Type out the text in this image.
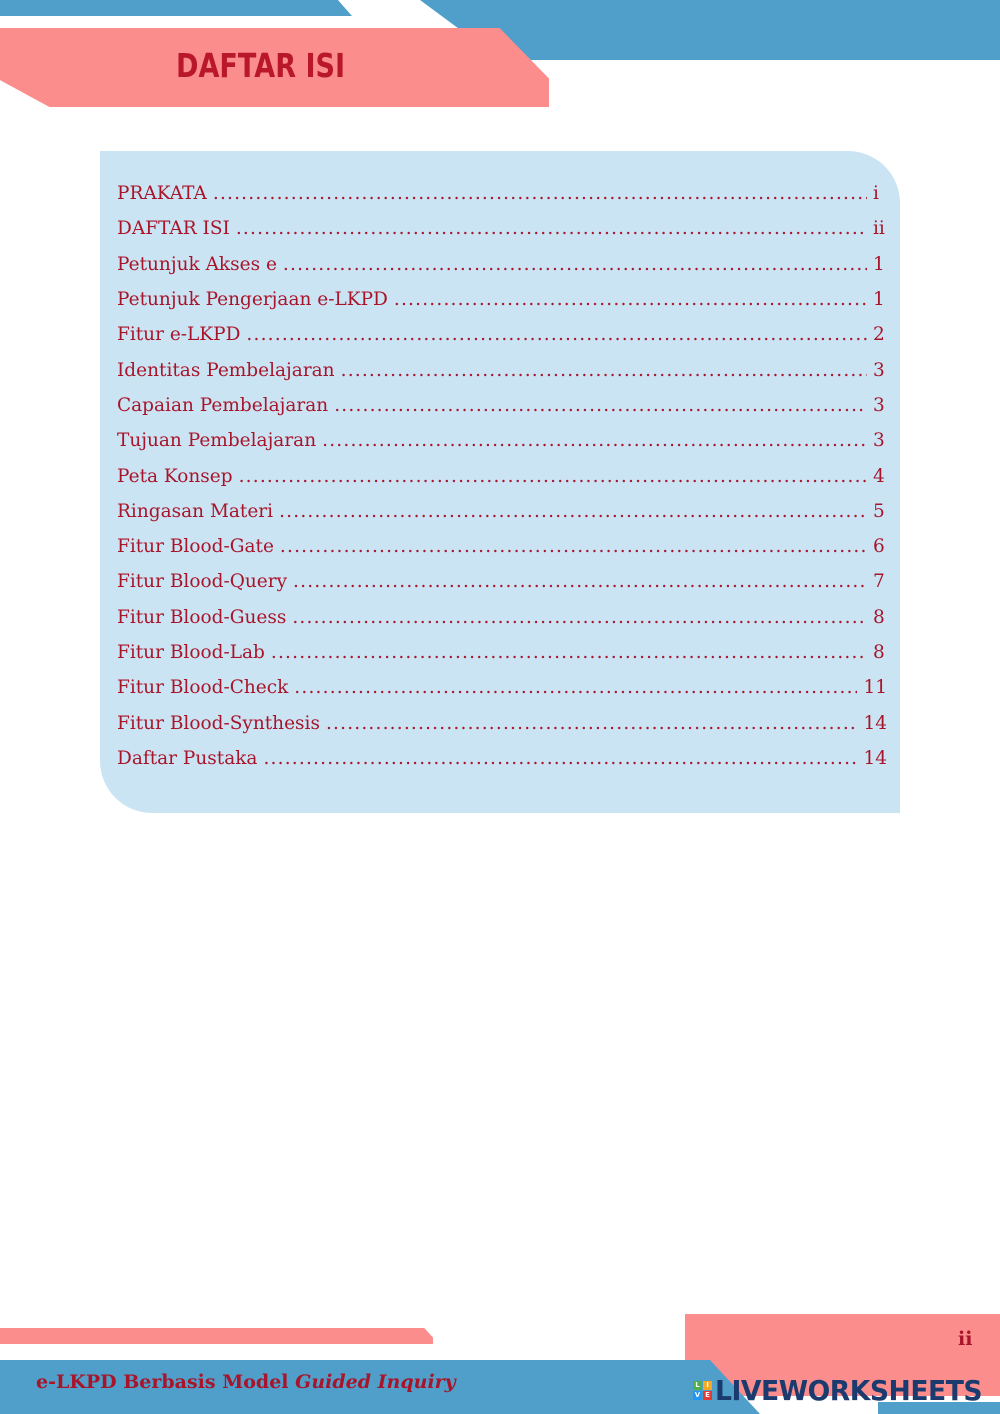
DAFTAR ISI
PRAKATA .....	i
DAFTAR ISI .....	ii
Petunjuk Akses e .....	1
Petunjuk Pengerjaan e-LKPD .....	1
Fitur e-LKPD .....	2
Identitas Pembelajaran .....	3
Capaian Pembelajaran .....	3
Tujuan Pembelajaran .....	3
Peta Konsep .....	4
Ringasan Materi .....	5
Fitur Blood-Gate .....	6
Fitur Blood-Query .....	7
Fitur Blood-Guess .....	8
Fitur Blood-Lab .....	8
Fitur Blood-Check .....	11
Fitur Blood-Synthesis .....	14
Daftar Pustaka .....	14
e-LKPD Berbasis Model Guided Inquiry
ii
L I
V E LIVEWORKSHEETS
